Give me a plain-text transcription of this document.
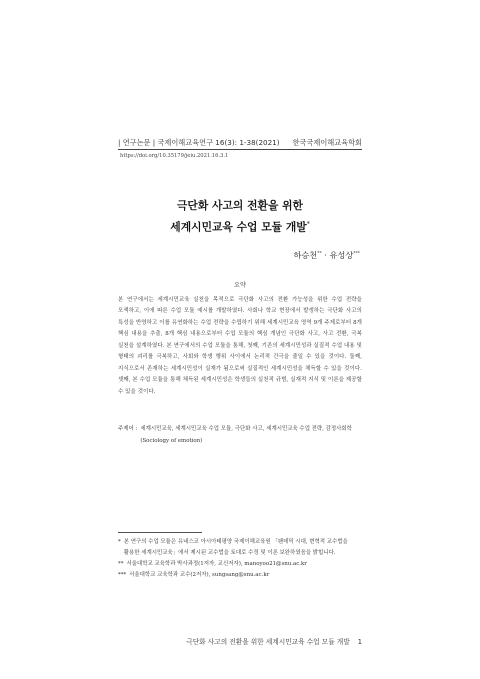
| 연구논문 | 국제이해교육연구 16(3): 1-38(2021) 한국국제이해교육학회
https://doi.org/10.35179/jeiu.2021.16.3.1
극단화 사고의 전환을 위한
세계시민교육 수업 모듈 개발*
하승천** · 유성상***
요약
본 연구에서는 세계시민교육 실천을 목적으로 극단화 사고의 전환 가능성을 위한 수업 전략을 모색하고, 이에 따른 수업 모듈 예시를 개발하였다. 사회나 학교 현장에서 발생하는 극단화 사고의 특성을 반영하고 이를 유연화하는 수업 전략을 수립하기 위해 세계시민교육 영역 9개 주제로부터 8개 핵심 내용을 추출, 8개 핵심 내용으로부터 수업 모듈의 핵심 개념인 극단화 사고, 사고 전환, 극복 실천을 설계하였다. 본 연구에서의 수업 모듈을 통해, 첫째, 기존의 세계시민성과 실질적 수업 내용 및 형태의 괴리를 극복하고, 사회와 학생 행위 사이에서 논리적 간극을 줄일 수 있을 것이다. 둘째, 지식으로서 존재하는 세계시민성이 실재가 됨으로써 실질적인 세계시민성을 체득할 수 있을 것이다. 셋째, 본 수업 모듈을 통해 체득된 세계시민성은 학생들의 실천적 규범, 실재적 지식 및 이론을 제공할 수 있을 것이다.
주제어 : 세계시민교육, 세계시민교육 수업 모듈, 극단화 사고, 세계시민교육 수업 전략, 감정사회학(Sociology of emotion)
* 본 연구의 수업 모듈은 유네스코 아시아태평양 국제이해교육원 「팬데믹 시대, 변혁적 교수법을 활용한 세계시민교육」에서 제시된 교수법을 토대로 수정 및 이론 보완하였음을 밝힙니다.
** 서울대학교 교육학과 박사과정(1저자, 교신저자), manoyoo21@snu.ac.kr
*** 서울대학교 교육학과 교수(2저자), sungsang@snu.ac.kr
극단화 사고의 전환을 위한 세계시민교육 수업 모듈 개발 1
